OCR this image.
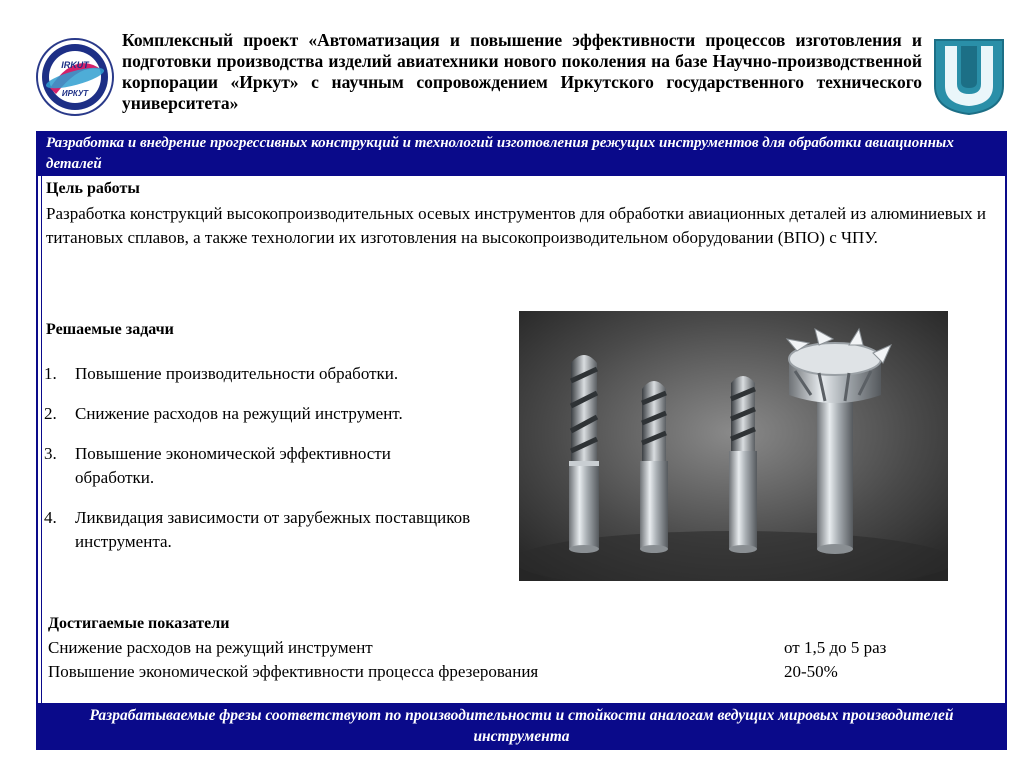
IRKUT
ИРКУТ
Комплексный проект «Автоматизация и повышение эффективности процессов изготовления и подготовки производства изделий авиатехники нового поколения на базе Научно-производственной корпорации «Иркут» с научным сопровождением Иркутского государственного технического университета»
Разработка и внедрение прогрессивных конструкций и технологий изготовления режущих инструментов для обработки авиационных деталей
Цель работы
Разработка конструкций высокопроизводительных осевых инструментов для обработки авиационных деталей из алюминиевых и титановых сплавов, а также технологии их изготовления на высокопроизводительном оборудовании (ВПО) с ЧПУ.
Решаемые задачи
1. Повышение производительности обработки.
2. Снижение расходов на режущий инструмент.
3. Повышение экономической эффективности обработки.
4. Ликвидация зависимости от зарубежных поставщиков инструмента.
Достигаемые показатели
Снижение расходов на режущий инструмент	от 1,5 до 5 раз
Повышение экономической эффективности процесса фрезерования	20-50%
Разрабатываемые фрезы соответствуют по производительности и стойкости аналогам ведущих мировых производителей инструмента
